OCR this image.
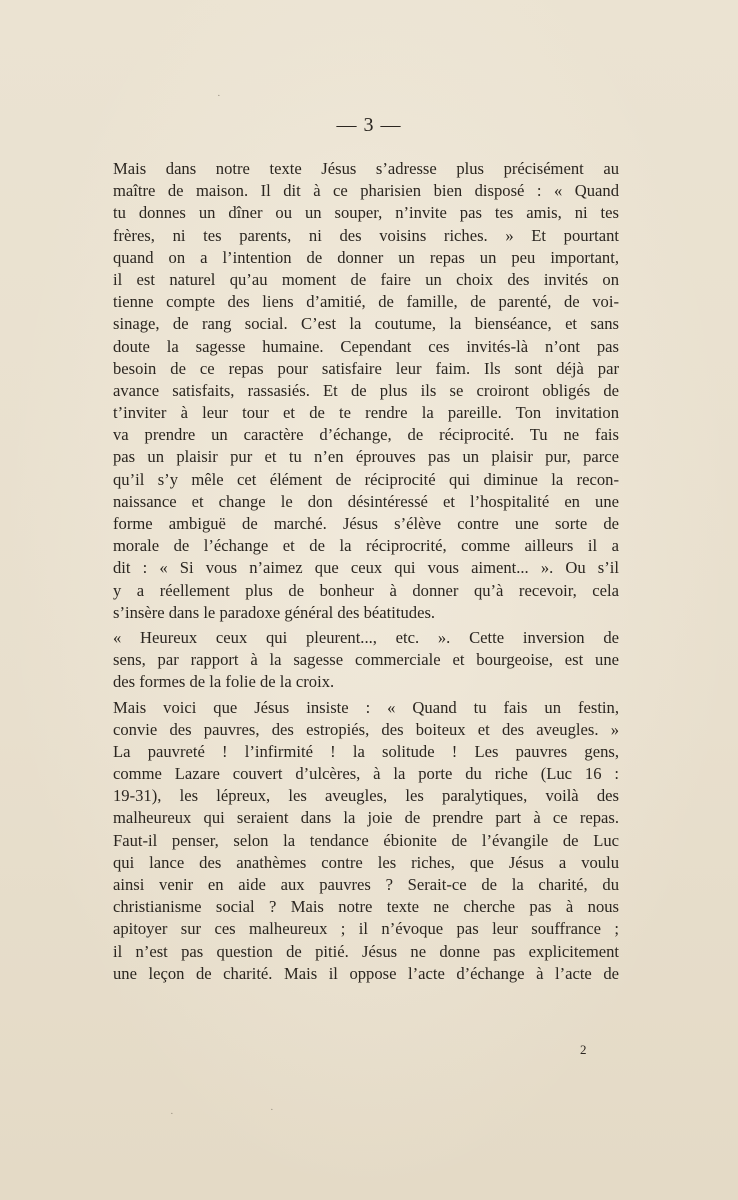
— 3 —
Mais dans notre texte Jésus s’adresse plus précisément au
maître de maison. Il dit à ce pharisien bien disposé : « Quand
tu donnes un dîner ou un souper, n’invite pas tes amis, ni tes
frères, ni tes parents, ni des voisins riches. » Et pourtant
quand on a l’intention de donner un repas un peu important,
il est naturel qu’au moment de faire un choix des invités on
tienne compte des liens d’amitié, de famille, de parenté, de voi-
sinage, de rang social. C’est la coutume, la bienséance, et sans
doute la sagesse humaine. Cependant ces invités-là n’ont pas
besoin de ce repas pour satisfaire leur faim. Ils sont déjà par
avance satisfaits, rassasiés. Et de plus ils se croiront obligés de
t’inviter à leur tour et de te rendre la pareille. Ton invitation
va prendre un caractère d’échange, de réciprocité. Tu ne fais
pas un plaisir pur et tu n’en éprouves pas un plaisir pur, parce
qu’il s’y mêle cet élément de réciprocité qui diminue la recon-
naissance et change le don désintéressé et l’hospitalité en une
forme ambiguë de marché. Jésus s’élève contre une sorte de
morale de l’échange et de la réciprocrité, comme ailleurs il a
dit : « Si vous n’aimez que ceux qui vous aiment... ». Ou s’il
y a réellement plus de bonheur à donner qu’à recevoir, cela
s’insère dans le paradoxe général des béatitudes.
« Heureux ceux qui pleurent..., etc. ». Cette inversion de
sens, par rapport à la sagesse commerciale et bourgeoise, est une
des formes de la folie de la croix.
Mais voici que Jésus insiste : « Quand tu fais un festin,
convie des pauvres, des estropiés, des boiteux et des aveugles. »
La pauvreté ! l’infirmité ! la solitude ! Les pauvres gens,
comme Lazare couvert d’ulcères, à la porte du riche (Luc 16 :
19-31), les lépreux, les aveugles, les paralytiques, voilà des
malheureux qui seraient dans la joie de prendre part à ce repas.
Faut-il penser, selon la tendance ébionite de l’évangile de Luc
qui lance des anathèmes contre les riches, que Jésus a voulu
ainsi venir en aide aux pauvres ? Serait-ce de la charité, du
christianisme social ? Mais notre texte ne cherche pas à nous
apitoyer sur ces malheureux ; il n’évoque pas leur souffrance ;
il n’est pas question de pitié. Jésus ne donne pas explicitement
une leçon de charité. Mais il oppose l’acte d’échange à l’acte de
2
·
·	·
